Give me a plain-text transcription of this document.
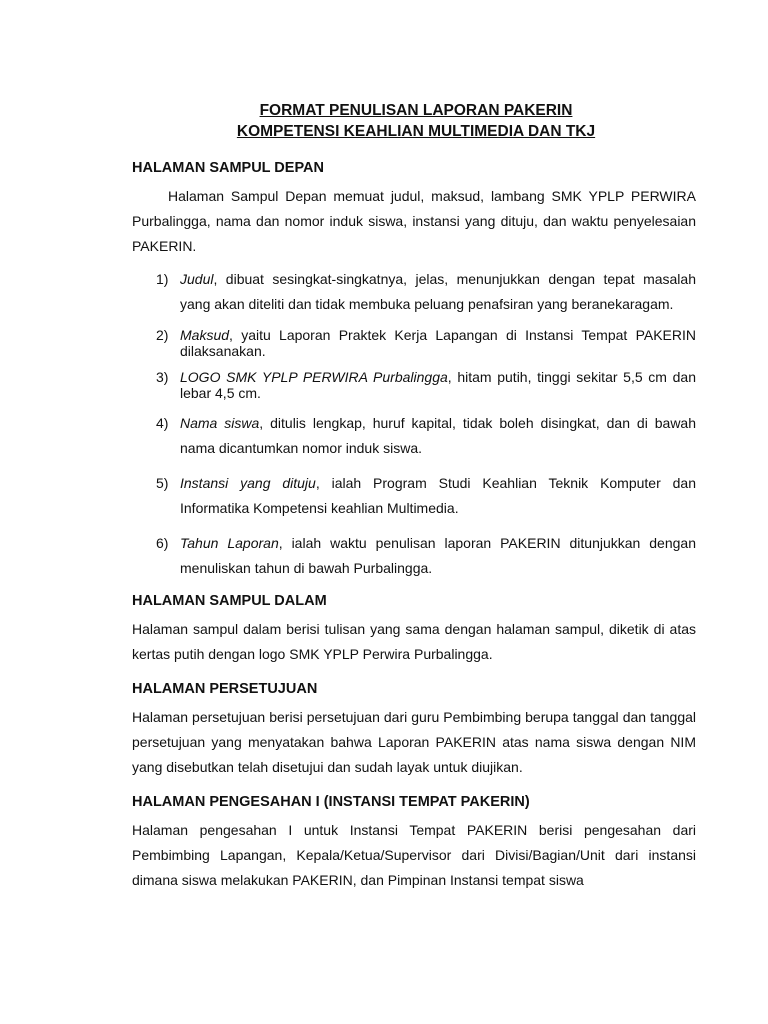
FORMAT PENULISAN LAPORAN PAKERIN

KOMPETENSI KEAHLIAN MULTIMEDIA DAN TKJ

HALAMAN SAMPUL DEPAN

Halaman Sampul Depan memuat judul, maksud, lambang SMK YPLP PERWIRA Purbalingga, nama dan nomor induk siswa, instansi yang dituju, dan waktu penyelesaian PAKERIN.

1) Judul, dibuat sesingkat-singkatnya, jelas, menunjukkan dengan tepat masalah yang akan diteliti dan tidak membuka peluang penafsiran yang beranekaragam.
2) Maksud, yaitu Laporan Praktek Kerja Lapangan di Instansi Tempat PAKERIN dilaksanakan.
3) LOGO SMK YPLP PERWIRA Purbalingga, hitam putih, tinggi sekitar 5,5 cm dan lebar 4,5 cm.
4) Nama siswa, ditulis lengkap, huruf kapital, tidak boleh disingkat, dan di bawah nama dicantumkan nomor induk siswa.
5) Instansi yang dituju, ialah Program Studi Keahlian Teknik Komputer dan Informatika Kompetensi keahlian Multimedia.
6) Tahun Laporan, ialah waktu penulisan laporan PAKERIN ditunjukkan dengan menuliskan tahun di bawah Purbalingga.
HALAMAN SAMPUL DALAM

Halaman sampul dalam berisi tulisan yang sama dengan halaman sampul, diketik di atas kertas putih dengan logo SMK YPLP Perwira Purbalingga.

HALAMAN PERSETUJUAN

Halaman persetujuan berisi persetujuan dari guru Pembimbing berupa tanggal dan tanggal persetujuan yang menyatakan bahwa Laporan PAKERIN atas nama siswa dengan NIM yang disebutkan telah disetujui dan sudah layak untuk diujikan.

HALAMAN PENGESAHAN I (INSTANSI TEMPAT PAKERIN)

Halaman pengesahan I untuk Instansi Tempat PAKERIN berisi pengesahan dari Pembimbing Lapangan, Kepala/Ketua/Supervisor dari Divisi/Bagian/Unit dari instansi dimana siswa melakukan PAKERIN, dan Pimpinan Instansi tempat siswa
